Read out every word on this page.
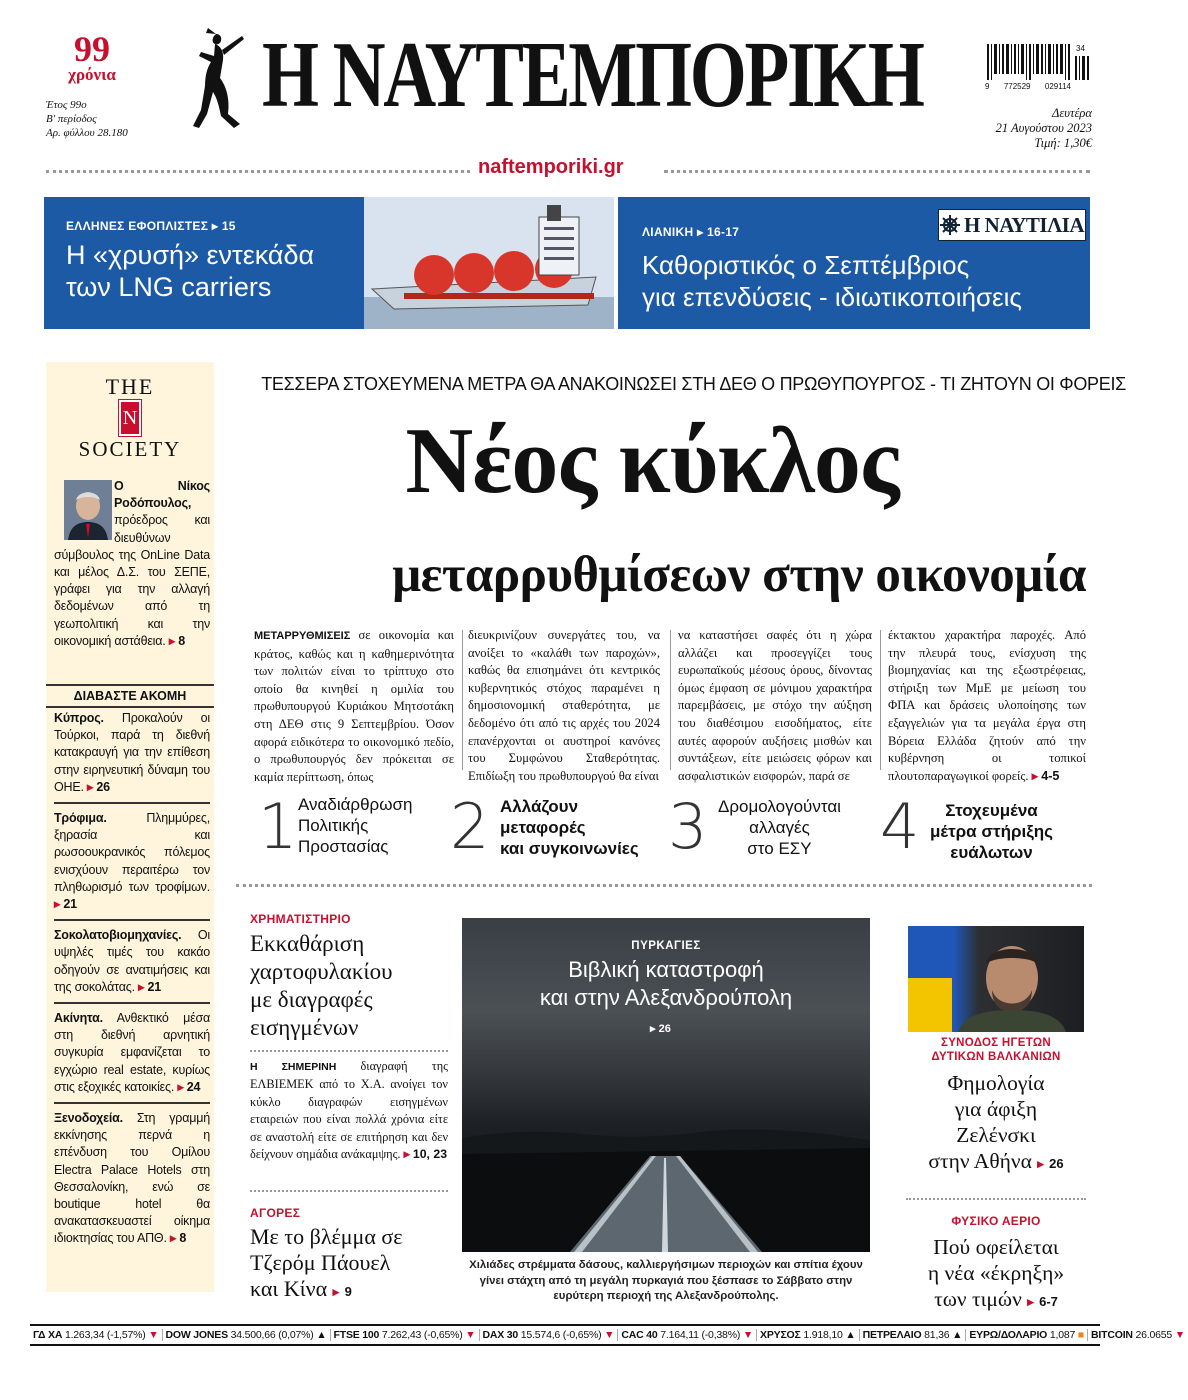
99
χρόνια
Έτος 99ο
Β' περίοδος
Αρ. φύλλου 28.180
Η ΝΑΥΤΕΜΠΟΡΙΚΗ
naftemporiki.gr
34
9 772529 029114
Δευτέρα
21 Αυγούστου 2023
Τιμή: 1,30€
ΕΛΛΗΝΕΣ ΕΦΟΠΛΙΣΤΕΣ ▸ 15
Η «χρυσή» εντεκάδα
των LNG carriers
ΛΙΑΝΙΚΗ ▸ 16-17	Η ΝΑΥΤΙΛΙΑ
Καθοριστικός ο Σεπτέμβριος
για επενδύσεις - ιδιωτικοποιήσεις
THE
N
SOCIETY
Ο Νίκος Ροδόπουλος, πρόεδρος και διευθύνων σύμβουλος της OnLine Data και μέλος Δ.Σ. του ΣΕΠΕ, γράφει για την αλλαγή δεδομένων από τη γεωπολιτική και την οικονομική αστάθεια. ▸ 8
ΔΙΑΒΑΣΤΕ ΑΚΟΜΗ
Κύπρος. Προκαλούν οι Τούρκοι, παρά τη διεθνή κατακραυγή για την επίθεση στην ειρηνευτική δύναμη του ΟΗΕ. ▸ 26
Τρόφιμα.	Πλημμύρες, ξηρασία και ρωσοουκρανικός πόλεμος ενισχύουν περαιτέρω τον πληθωρισμό των τροφίμων. ▸ 21
Σοκολατοβιομηχανίες. Οι υψηλές τιμές του κακάο οδηγούν σε ανατιμήσεις και της σοκολάτας. ▸ 21
Ακίνητα. Ανθεκτικό μέσα στη διεθνή αρνητική συγκυρία εμφανίζεται το εγχώριο real estate, κυρίως στις εξοχικές κατοικίες. ▸ 24
Ξενοδοχεία. Στη γραμμή εκκίνησης περνά η επένδυση του Ομίλου Electra Palace Hotels στη Θεσσαλονίκη, ενώ σε boutique hotel θα ανακατασκευαστεί οίκημα ιδιοκτησίας του ΑΠΘ. ▸ 8
ΤΕΣΣΕΡΑ ΣΤΟΧΕΥΜΕΝΑ ΜΕΤΡΑ ΘΑ ΑΝΑΚΟΙΝΩΣΕΙ ΣΤΗ ΔΕΘ Ο ΠΡΩΘΥΠΟΥΡΓΟΣ - ΤΙ ΖΗΤΟΥΝ ΟΙ ΦΟΡΕΙΣ
Νέος κύκλος
μεταρρυθμίσεων στην οικονομία
ΜΕΤΑΡΡΥΘΜΙΣΕΙΣ σε οικονομία και κράτος, καθώς και η καθημερινότητα των πολιτών είναι το τρίπτυχο στο οποίο θα κινηθεί η ομιλία του πρωθυπουργού Κυριάκου Μητσοτάκη στη ΔΕΘ στις 9 Σεπτεμβρίου. Όσον αφορά ειδικότερα το οικονομικό πεδίο, ο πρωθυπουργός δεν πρόκειται σε καμία περίπτωση, όπως
διευκρινίζουν συνεργάτες του, να ανοίξει το «καλάθι των παροχών», καθώς θα επισημάνει ότι κεντρικός κυβερνητικός στόχος παραμένει η δημοσιονομική σταθερότητα, με δεδομένο ότι από τις αρχές του 2024 επανέρχονται οι αυστηροί κανόνες του Συμφώνου Σταθερότητας. Επιδίωξη του πρωθυπουργού θα είναι
να καταστήσει σαφές ότι η χώρα αλλάζει και προσεγγίζει τους ευρωπαϊκούς μέσους όρους, δίνοντας όμως έμφαση σε μόνιμου χαρακτήρα παρεμβάσεις, με στόχο την αύξηση του διαθέσιμου εισοδήματος, είτε αυτές αφορούν αυξήσεις μισθών και συντάξεων, είτε μειώσεις φόρων και ασφαλιστικών εισφορών, παρά σε
έκτακτου χαρακτήρα παροχές. Από την πλευρά τους, ενίσχυση της βιομηχανίας και της εξωστρέφειας, στήριξη των ΜμΕ με μείωση του ΦΠΑ και δράσεις υλοποίησης των εξαγγελιών για τα μεγάλα έργα στη Βόρεια Ελλάδα ζητούν από την κυβέρνηση οι τοπικοί πλουτοπαραγωγικοί φορείς. ▸ 4-5
1 Αναδιάρθρωση
Πολιτικής
Προστασίας 2 Αλλάζουν
μεταφορές
και συγκοινωνίες 3 Δρομολογούνται
αλλαγές
στο ΕΣΥ	4	Στοχευμένα
μέτρα στήριξης
ευάλωτων
ΧΡΗΜΑΤΙΣΤΗΡΙΟ
Εκκαθάριση
χαρτοφυλακίου
με διαγραφές
εισηγμένων
Η ΣΗΜΕΡΙΝΗ διαγραφή της ΕΛΒΙΕΜΕΚ από το Χ.Α. ανοίγει τον κύκλο διαγραφών εισηγμένων εταιρειών που είναι πολλά χρόνια είτε σε αναστολή είτε σε επιτήρηση και δεν δείχνουν σημάδια ανάκαμψης. ▸ 10, 23
ΑΓΟΡΕΣ
Με το βλέμμα σε
Τζερόμ Πάουελ
και Κίνα ▸ 9
ΠΥΡΚΑΓΙΕΣ
Βιβλική καταστροφή
και στην Αλεξανδρούπολη
▸ 26
Χιλιάδες στρέμματα δάσους, καλλιεργήσιμων περιοχών και σπίτια έχουν γίνει στάχτη από τη μεγάλη πυρκαγιά που ξέσπασε το Σάββατο στην ευρύτερη περιοχή της Αλεξανδρούπολης.
ΣΥΝΟΔΟΣ ΗΓΕΤΩΝ
ΔΥΤΙΚΩΝ ΒΑΛΚΑΝΙΩΝ
Φημολογία
για άφιξη
Ζελένσκι
στην Αθήνα ▸ 26
ΦΥΣΙΚΟ ΑΕΡΙΟ
Πού οφείλεται
η νέα «έκρηξη»
των τιμών ▸ 6-7
ΓΔ ΧΑ 1.263,34 (-1,57%) ▼ DOW JONES 34.500,66 (0,07%) ▲ FTSE 100 7.262,43 (-0,65%) ▼ DAX 30 15.574,6 (-0,65%) ▼ CAC 40 7.164,11 (-0,38%) ▼ ΧΡΥΣΟΣ 1.918,10 ▲ ΠΕΤΡΕΛΑΙΟ 81,36 ▲ ΕΥΡΩ/ΔΟΛΑΡΙΟ 1,087 ■ BITCOIN 26.0655 ▼
